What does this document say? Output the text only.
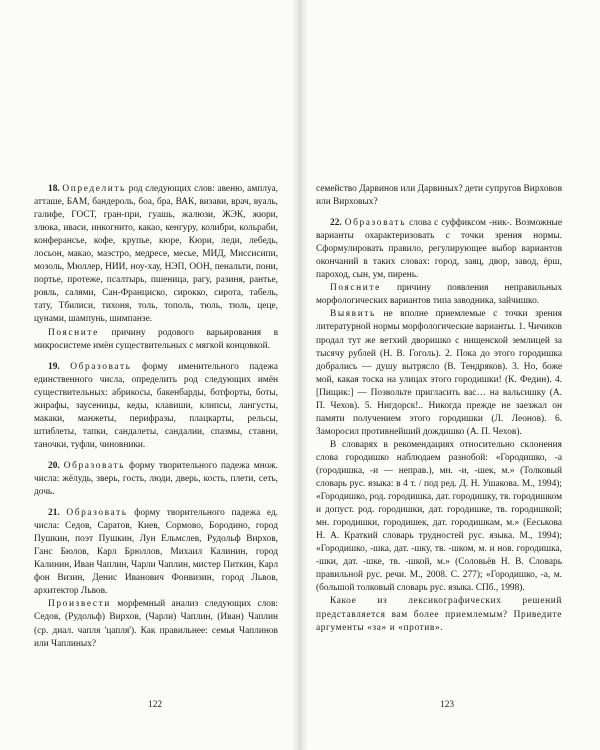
18. Определить род следующих слов: авеню, амплуа, атташе, БАМ, бандероль, боа, бра, ВАК, визави, врач, вуаль, галифе, ГОСТ, гран-при, гуашь, жалюзи, ЖЭК, жюри, злюка, иваси, инкогнито, какао, кенгуру, колибри, кольраби, конферансье, кофе, крупье, кюре, Кюри, леди, лебедь, лосьон, макао, маэстро, медресе, месье, МИД, Миссисипи, мозоль, Мюллер, НИИ, ноу-хау, НЭП, ООН, пенальти, пони, портье, протеже, псалтырь, пшеница, рагу, разиня, рантье, рояль, салями, Сан-Франциско, сирокко, сирота, табель, тату, Тбилиси, тихоня, толь, тополь, тюль, тюль, цеце, цунами, шампунь, шимпанзе.

Поясните причину родового варьирования в микросистеме имён существительных с мягкой концовкой.

19. Образовать форму именительного падежа единственного числа, определить род следующих имён существительных: абрикосы, бакенбарды, ботфорты, боты, жирафы, заусеницы, кеды, клавиши, клипсы, лангусты, макаки, манжеты, перифразы, плацкарты, рельсы, штиблеты, тапки, сандалеты, сандалии, спазмы, ставни, таночки, туфли, чиновники.

20. Образовать форму творительного падежа множ. числа: жёлудь, зверь, гость, люди, дверь, кость, плети, сеть, дочь.

21. Образовать форму творительного падежа ед. числа: Седов, Саратов, Киев, Сормово, Бородино, город Пушкин, поэт Пушкин, Лун Ельмслев, Рудольф Вирхов, Ганс Бюлов, Карл Брюллов, Михаил Калинин, город Калинин, Иван Чаплин, Чарли Чаплин, мистер Питкин, Карл фон Визин, Денис Иванович Фонвизин, город Львов, архитектор Львов.

Произвести морфемный анализ следующих слов: Седов, (Рудольф) Вирхов, (Чарли) Чаплин, (Иван) Чаплин (ср. диал. чапля 'цапля'). Как правильнее: семья Чаплинов или Чаплиных?

122

семейство Дарвинов или Дарвиных? дети супругов Вирховов или Вирховых?

22. Образовать слова с суффиксом -ник-. Возможные варианты охарактеризовать с точки зрения нормы. Сформулировать правило, регулирующее выбор вариантов окончаний в таких словах: город, заяц, двор, завод, ёрш, пароход, сын, ум, пирень.

Поясните причину появления неправильных морфологических вариантов типа заводника, зайчишко.

Выявить не вполне приемлемые с точки зрения литературной нормы морфологические варианты. 1. Чичиков продал тут же ветхий дворишко с нищенской землицей за тысячу рублей (Н. В. Гоголь). 2. Пока до этого городишка добрались — душу вытрясло (В. Тендряков). 3. Но, боже мой, какая тоска на улицах этого городишки! (К. Федин). 4. [Пищик:] — Позвольте пригласить вас… на вальсишку (А. П. Чехов). 5. Нигдорск!.. Никогда прежде не заезжал он памяти получением этого городишки (Л. Леонов). 6. Заморосил противнейший дождишко (А. П. Чехов).

В словарях в рекомендациях относительно склонения слова городишко наблюдаем разнобой: «Городишко, -а (городишка, -и — неправ.), мн. -и, -шек, м.» (Толковый словарь рус. языка: в 4 т. / под ред. Д. Н. Ушакова. М., 1994); «Городишко, род. городишка, дат. городишку, тв. городишком и допуст. род. городишки, дат. городишке, тв. городишкой; мн. городишки, городишек, дат. городишкам, м.» (Ееськова Н. А. Краткий словарь трудностей рус. языка. М., 1994); «Городишко, -шка, дат. -шку, тв. -шком, м. и нов. городишка, -шки, дат. -шке, тв. -шкой, м.» (Соловьёв Н. В. Словарь правильной рус. речи. М., 2008. С. 277); «Городишко, -а, м. (большой толковый словарь рус. языка. СПб., 1998).

Какое из лексикографических решений представляется вам более приемлемым? Приведите аргументы «за» и «против».

123
